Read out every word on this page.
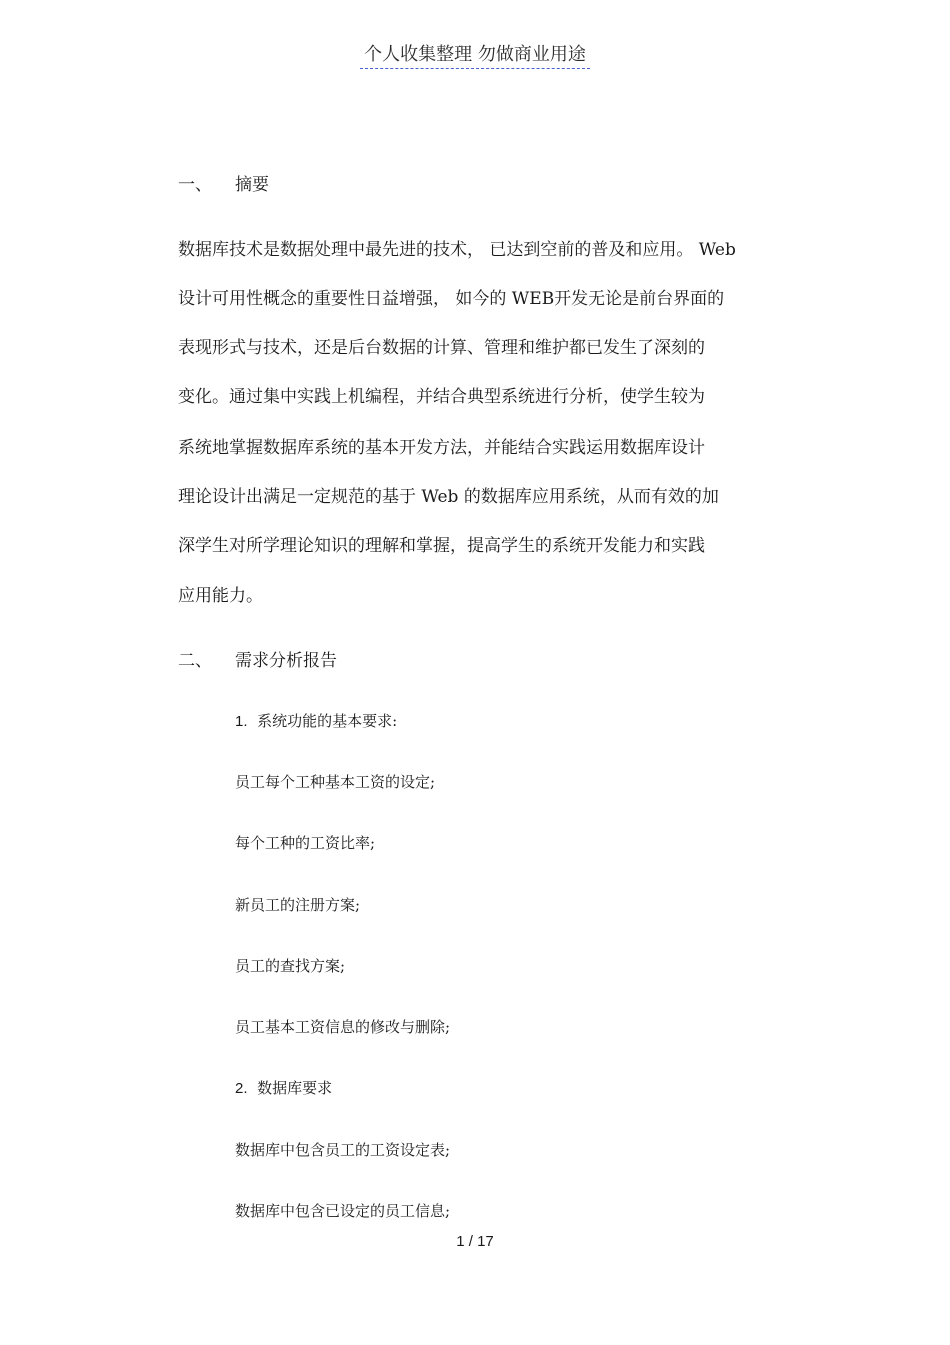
个人收集整理 勿做商业用途
一、 摘要
数据库技术是数据处理中最先进的技术， 已达到空前的普及和应用。 Web
设计可用性概念的重要性日益增强， 如今的 WEB开发无论是前台界面的
表现形式与技术，还是后台数据的计算、管理和维护都已发生了深刻的
变化。通过集中实践上机编程，并结合典型系统进行分析，使学生较为
系统地掌握数据库系统的基本开发方法，并能结合实践运用数据库设计
理论设计出满足一定规范的基于 Web 的数据库应用系统，从而有效的加
深学生对所学理论知识的理解和掌握，提高学生的系统开发能力和实践
应用能力。
二、 需求分析报告
1. 系统功能的基本要求:
员工每个工种基本工资的设定;
每个工种的工资比率;
新员工的注册方案;
员工的查找方案;
员工基本工资信息的修改与删除;
2. 数据库要求
数据库中包含员工的工资设定表;
数据库中包含已设定的员工信息;
1 / 17
